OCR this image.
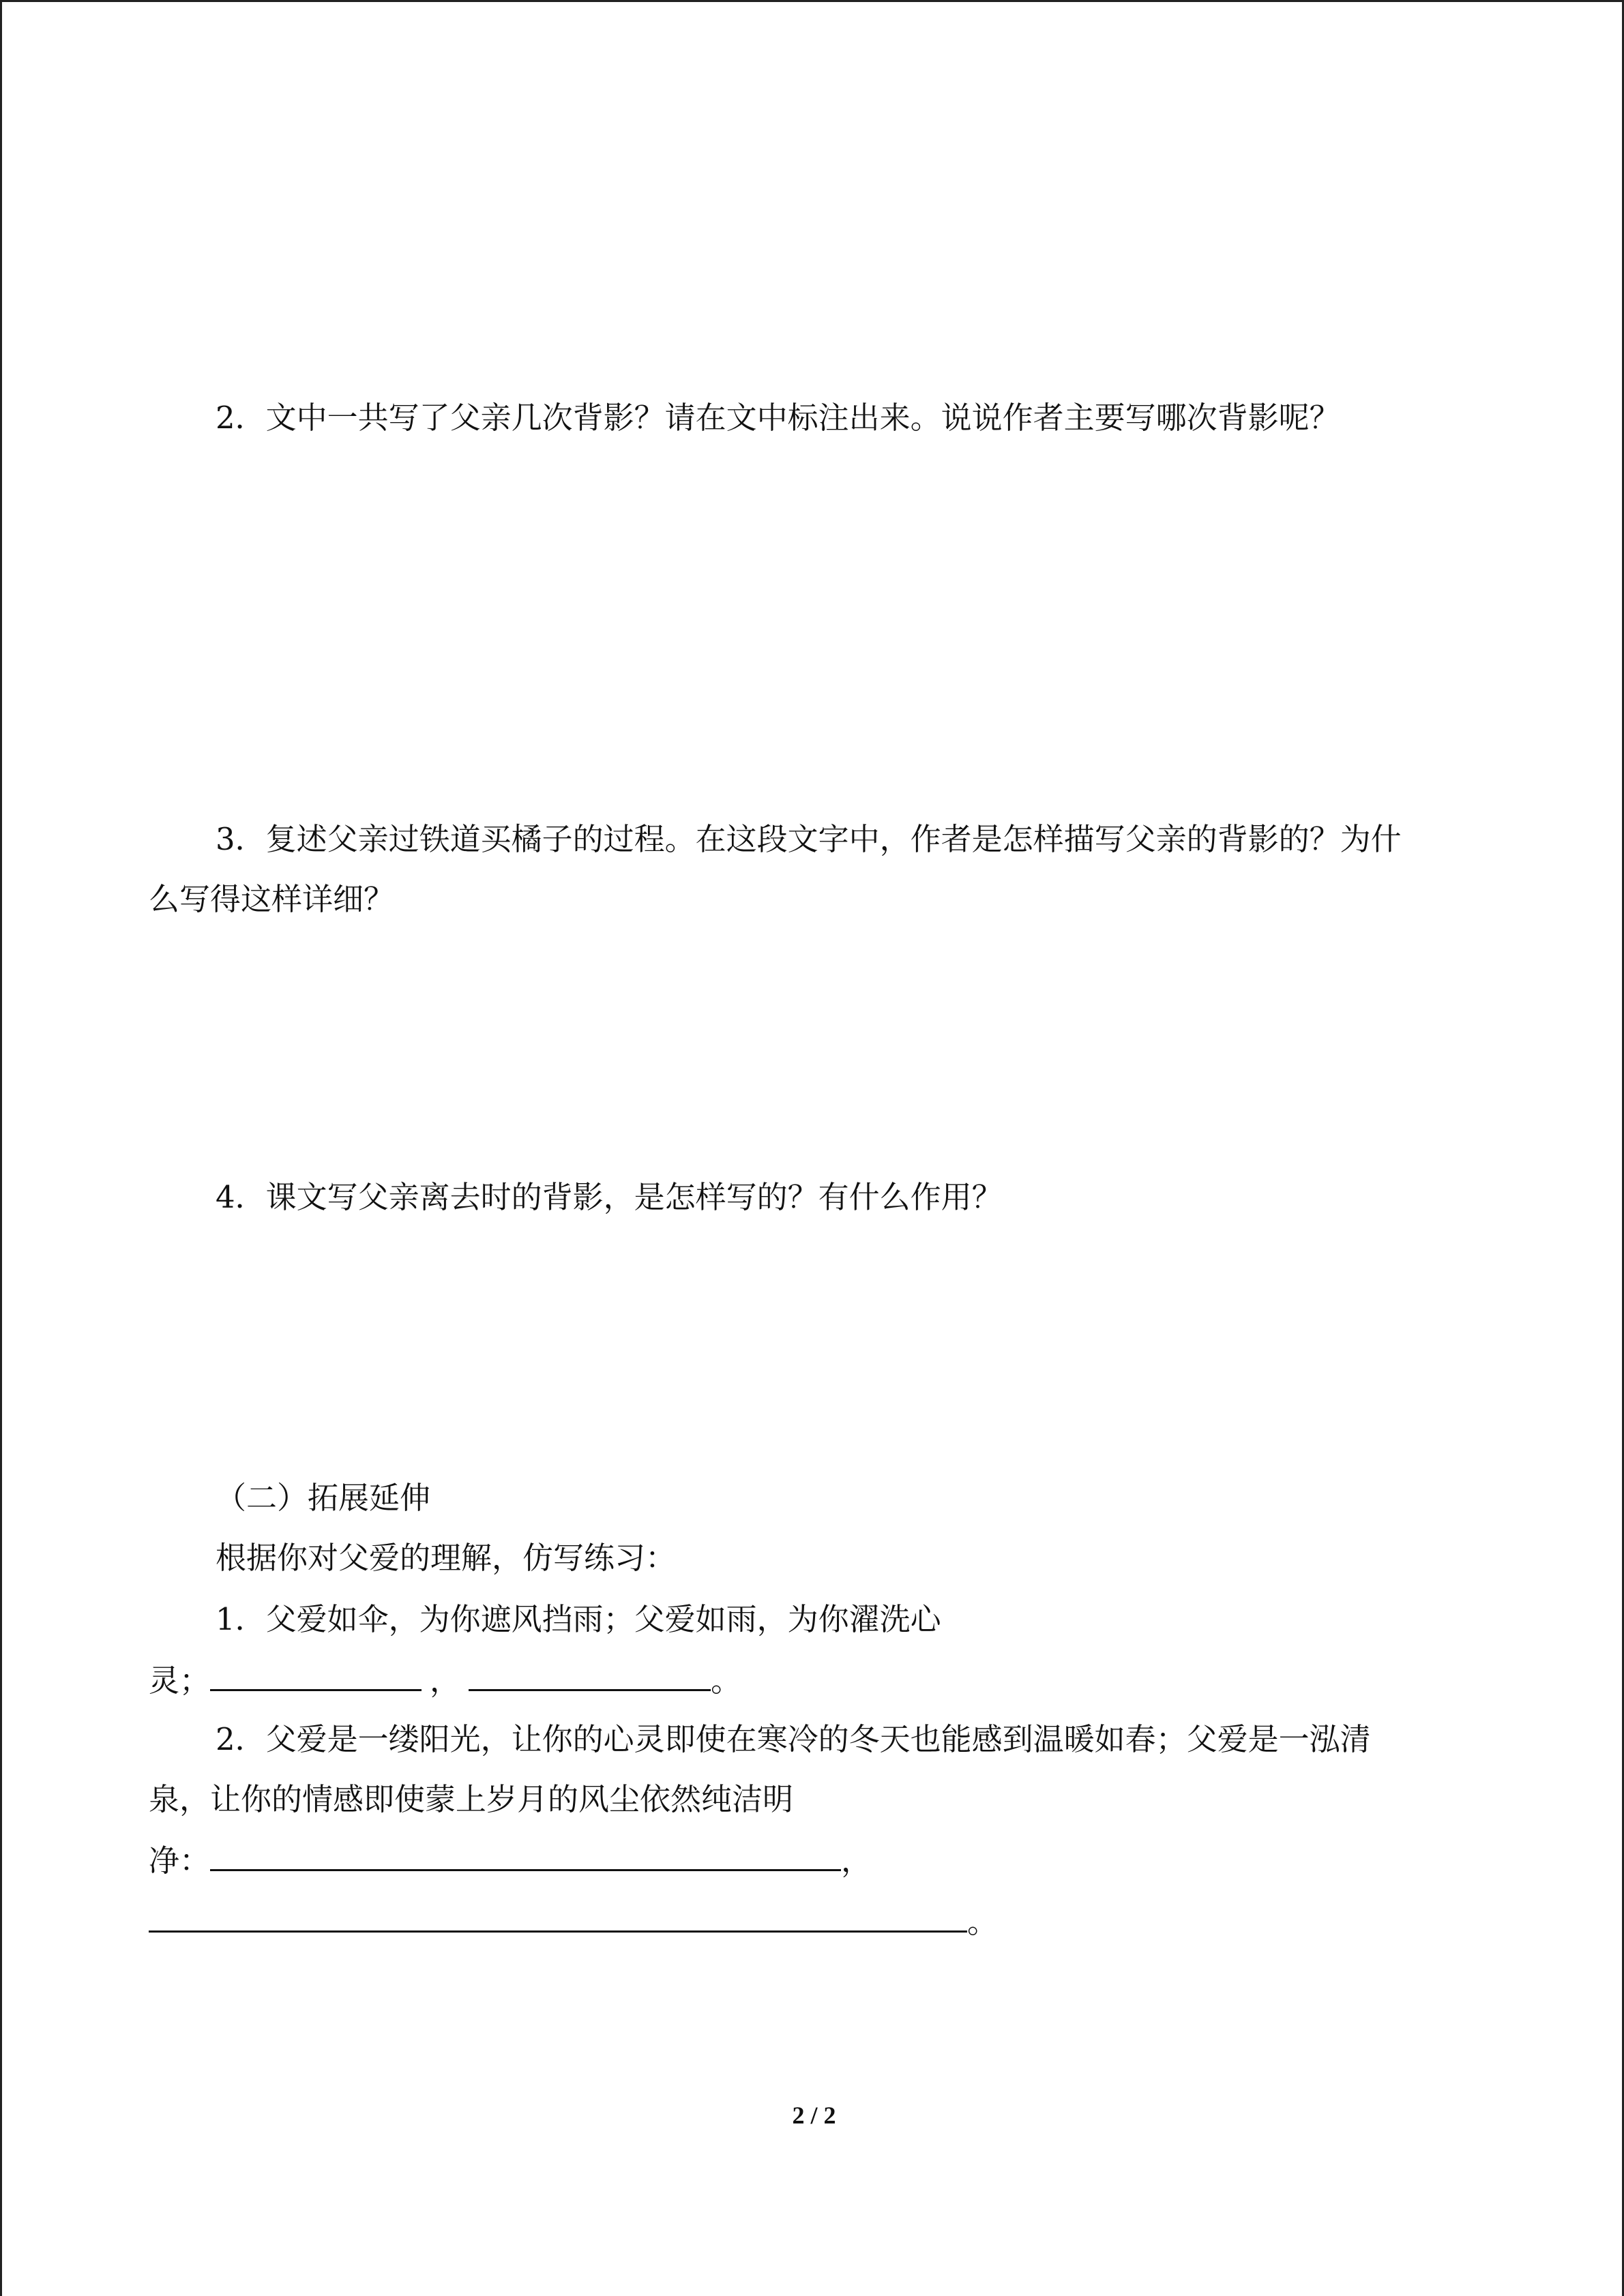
2．文中一共写了父亲几次背影？请在文中标注出来。说说作者主要写哪次背影呢？
3．复述父亲过铁道买橘子的过程。在这段文字中，作者是怎样描写父亲的背影的？为什
么写得这样详细？
4．课文写父亲离去时的背影，是怎样写的？有什么作用？
（二）拓展延伸
根据你对父爱的理解，仿写练习：
1．父爱如伞，为你遮风挡雨；父爱如雨，为你濯洗心
灵；	，	。
2．父爱是一缕阳光，让你的心灵即使在寒冷的冬天也能感到温暖如春；父爱是一泓清
泉，让你的情感即使蒙上岁月的风尘依然纯洁明
净：	，
。
2 / 2
